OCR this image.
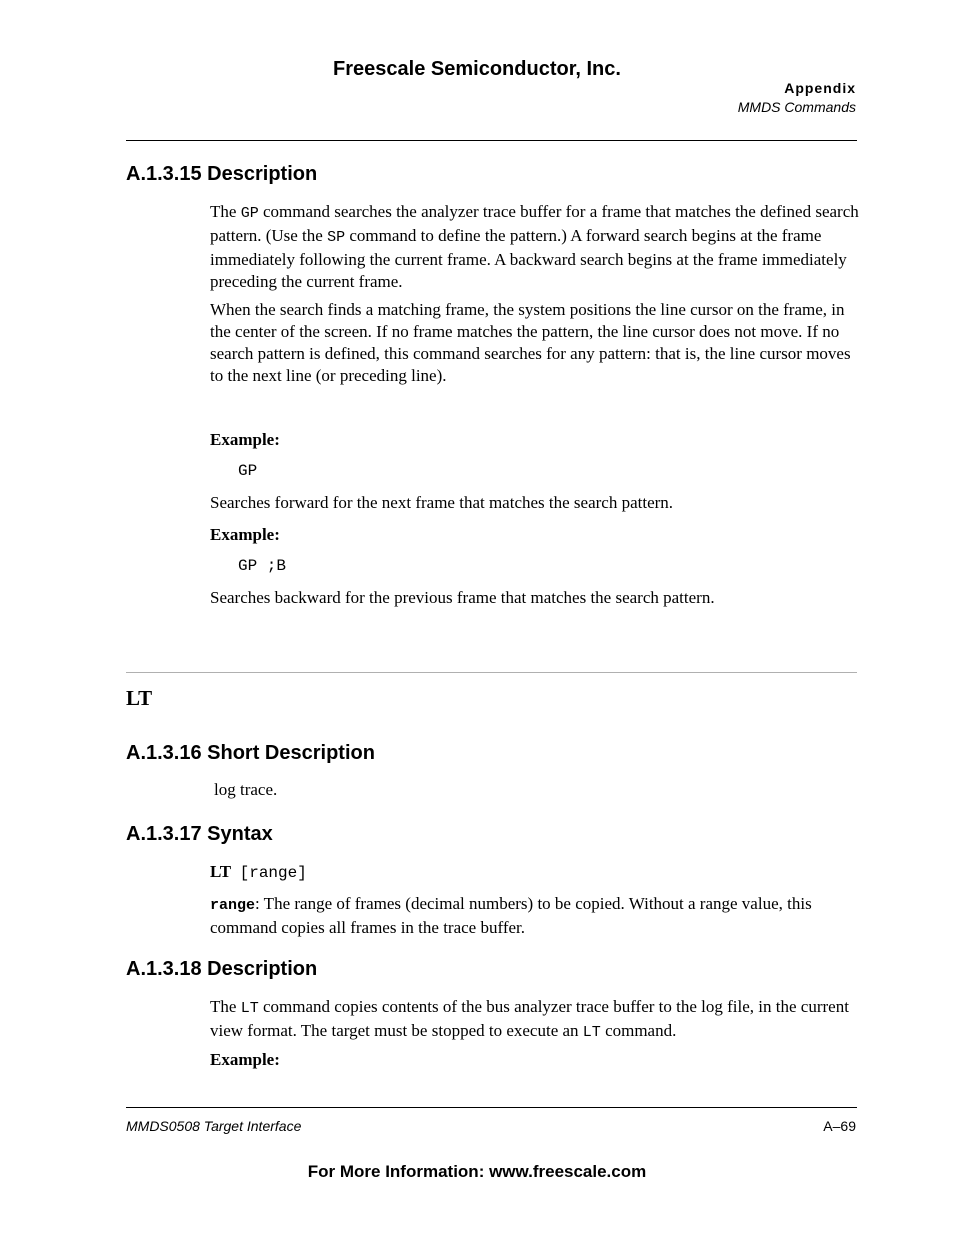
Freescale Semiconductor, Inc.
Appendix
MMDS Commands
A.1.3.15 Description

The GP command searches the analyzer trace buffer for a frame that matches the defined search pattern. (Use the SP command to define the pattern.) A forward search begins at the frame immediately following the current frame. A backward search begins at the frame immediately preceding the current frame.

When the search finds a matching frame, the system positions the line cursor on the frame, in the center of the screen. If no frame matches the pattern, the line cursor does not move. If no search pattern is defined, this command searches for any pattern: that is, the line cursor moves to the next line (or preceding line).

Example:
GP
Searches forward for the next frame that matches the search pattern.
Example:
GP ;B
Searches backward for the previous frame that matches the search pattern.
LT
A.1.3.16 Short Description
log trace.
A.1.3.17 Syntax
LT [range]

range: The range of frames (decimal numbers) to be copied. Without a range value, this command copies all frames in the trace buffer.

A.1.3.18 Description

The LT command copies contents of the bus analyzer trace buffer to the log file, in the current view format. The target must be stopped to execute an LT command.

Example:
MMDS0508 Target Interface	A–69
For More Information: www.freescale.com
